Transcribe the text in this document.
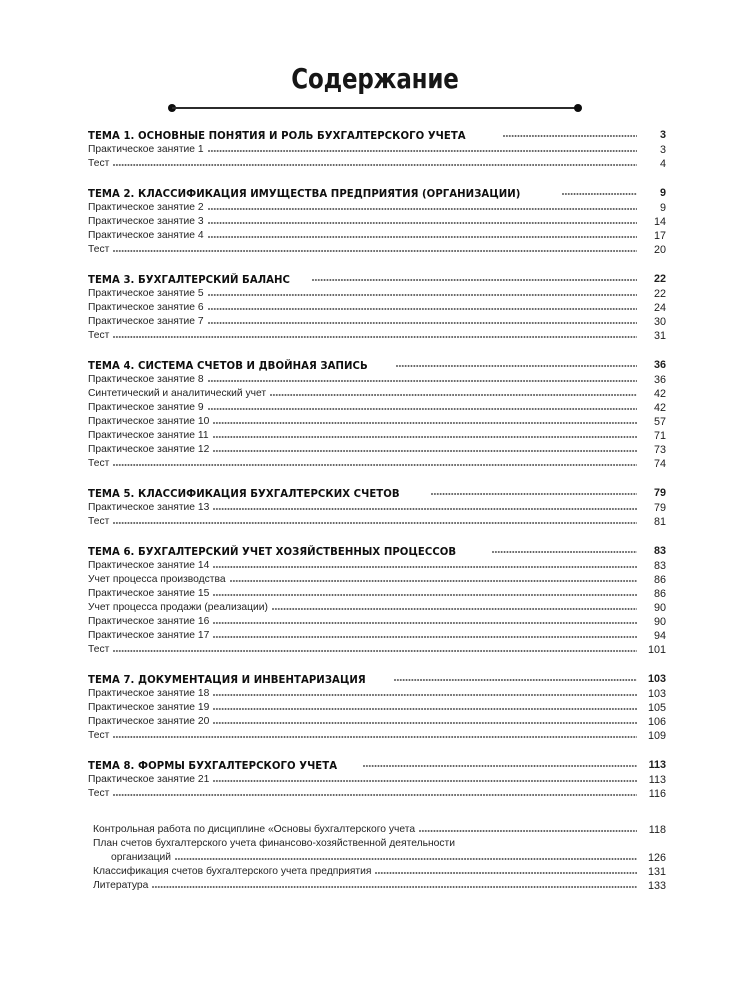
Содержание
ТЕМА 1. ОСНОВНЫЕ ПОНЯТИЯ И РОЛЬ БУХГАЛТЕРСКОГО УЧЕТА	3
Практическое занятие 1	3
Тест	4
ТЕМА 2. КЛАССИФИКАЦИЯ ИМУЩЕСТВА ПРЕДПРИЯТИЯ (ОРГАНИЗАЦИИ)	9
Практическое занятие 2	9
Практическое занятие 3	14
Практическое занятие 4	17
Тест	20
ТЕМА 3. БУХГАЛТЕРСКИЙ БАЛАНС	22
Практическое занятие 5	22
Практическое занятие 6	24
Практическое занятие 7	30
Тест	31
ТЕМА 4. СИСТЕМА СЧЕТОВ И ДВОЙНАЯ ЗАПИСЬ	36
Практическое занятие 8	36
Синтетический и аналитический учет	42
Практическое занятие 9	42
Практическое занятие 10	57
Практическое занятие 11	71
Практическое занятие 12	73
Тест	74
ТЕМА 5. КЛАССИФИКАЦИЯ БУХГАЛТЕРСКИХ СЧЕТОВ	79
Практическое занятие 13	79
Тест	81
ТЕМА 6. БУХГАЛТЕРСКИЙ УЧЕТ ХОЗЯЙСТВЕННЫХ ПРОЦЕССОВ	83
Практическое занятие 14	83
Учет процесса производства	86
Практическое занятие 15	86
Учет процесса продажи (реализации)	90
Практическое занятие 16	90
Практическое занятие 17	94
Тест	101
ТЕМА 7. ДОКУМЕНТАЦИЯ И ИНВЕНТАРИЗАЦИЯ	103
Практическое занятие 18	103
Практическое занятие 19	105
Практическое занятие 20	106
Тест	109
ТЕМА 8. ФОРМЫ БУХГАЛТЕРСКОГО УЧЕТА	113
Практическое занятие 21	113
Тест	116
Контрольная работа по дисциплине «Основы бухгалтерского учета	118
План счетов бухгалтерского учета финансово-хозяйственной деятельности
организаций	126
Классификация счетов бухгалтерского учета предприятия	131
Литература	133
